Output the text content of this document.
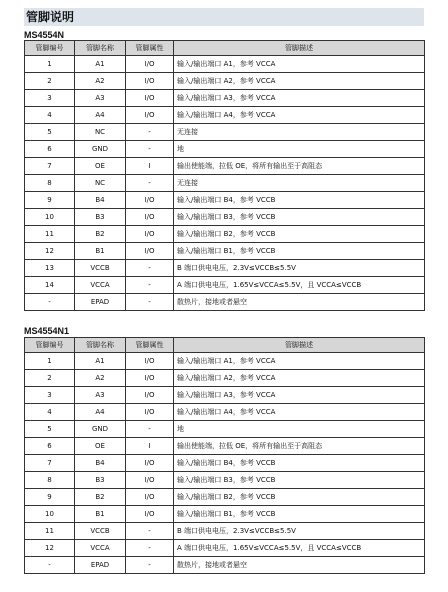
管脚说明
MS4554N
管脚编号	管脚名称	管脚属性	管脚描述
1	A1	I/O	输入/输出端口 A1，参考 VCCA
2	A2	I/O	输入/输出端口 A2，参考 VCCA
3	A3	I/O	输入/输出端口 A3，参考 VCCA
4	A4	I/O	输入/输出端口 A4，参考 VCCA
5	NC	-	无连接
6	GND	-	地
7	OE	I	输出使能端，拉低 OE，将所有输出至于高阻态
8	NC	-	无连接
9	B4	I/O	输入/输出端口 B4，参考 VCCB
10	B3	I/O	输入/输出端口 B3，参考 VCCB
11	B2	I/O	输入/输出端口 B2，参考 VCCB
12	B1	I/O	输入/输出端口 B1，参考 VCCB
13	VCCB	-	B 端口供电电压，2.3V≤VCCB≤5.5V
14	VCCA	-	A 端口供电电压，1.65V≤VCCA≤5.5V，且 VCCA≤VCCB
-	EPAD	-	散热片，接地或者悬空
MS4554N1
管脚编号	管脚名称	管脚属性	管脚描述
1	A1	I/O	输入/输出端口 A1，参考 VCCA
2	A2	I/O	输入/输出端口 A2，参考 VCCA
3	A3	I/O	输入/输出端口 A3，参考 VCCA
4	A4	I/O	输入/输出端口 A4，参考 VCCA
5	GND	-	地
6	OE	I	输出使能端，拉低 OE，将所有输出至于高阻态
7	B4	I/O	输入/输出端口 B4，参考 VCCB
8	B3	I/O	输入/输出端口 B3，参考 VCCB
9	B2	I/O	输入/输出端口 B2，参考 VCCB
10	B1	I/O	输入/输出端口 B1，参考 VCCB
11	VCCB	-	B 端口供电电压，2.3V≤VCCB≤5.5V
12	VCCA	-	A 端口供电电压，1.65V≤VCCA≤5.5V，且 VCCA≤VCCB
-	EPAD	-	散热片，接地或者悬空
